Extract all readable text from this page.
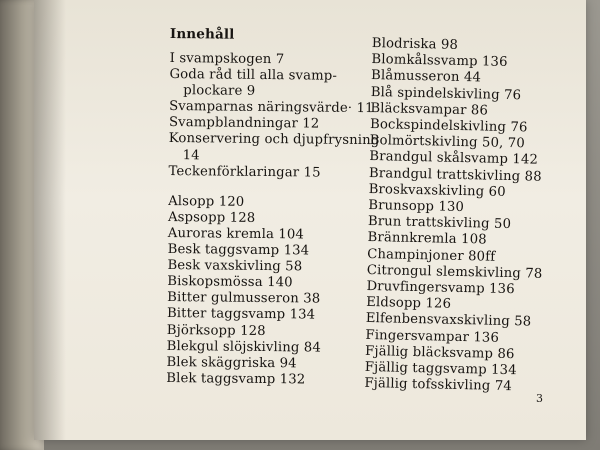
Innehåll
I svampskogen 7
Goda råd till alla svamp-
plockare 9
Svamparnas näringsvärde· 11
Svampblandningar 12
Konservering och djupfrysning
14
Teckenförklaringar 15
Alsopp 120
Aspsopp 128
Auroras kremla 104
Besk taggsvamp 134
Besk vaxskivling 58
Biskopsmössa 140
Bitter gulmusseron 38
Bitter taggsvamp 134
Björksopp 128
Blekgul slöjskivling 84
Blek skäggriska 94
Blek taggsvamp 132
Blodriska 98
Blomkålssvamp 136
Blåmusseron 44
Blå spindelskivling 76
Bläcksvampar 86
Bockspindelskivling 76
Bolmörtskivling 50, 70
Brandgul skålsvamp 142
Brandgul trattskivling 88
Broskvaxskivling 60
Brunsopp 130
Brun trattskivling 50
Brännkremla 108
Champinjoner 80ff
Citrongul slemskivling 78
Druvfingersvamp 136
Eldsopp 126
Elfenbensvaxskivling 58
Fingersvampar 136
Fjällig bläcksvamp 86
Fjällig taggsvamp 134
Fjällig tofsskivling 74
3
